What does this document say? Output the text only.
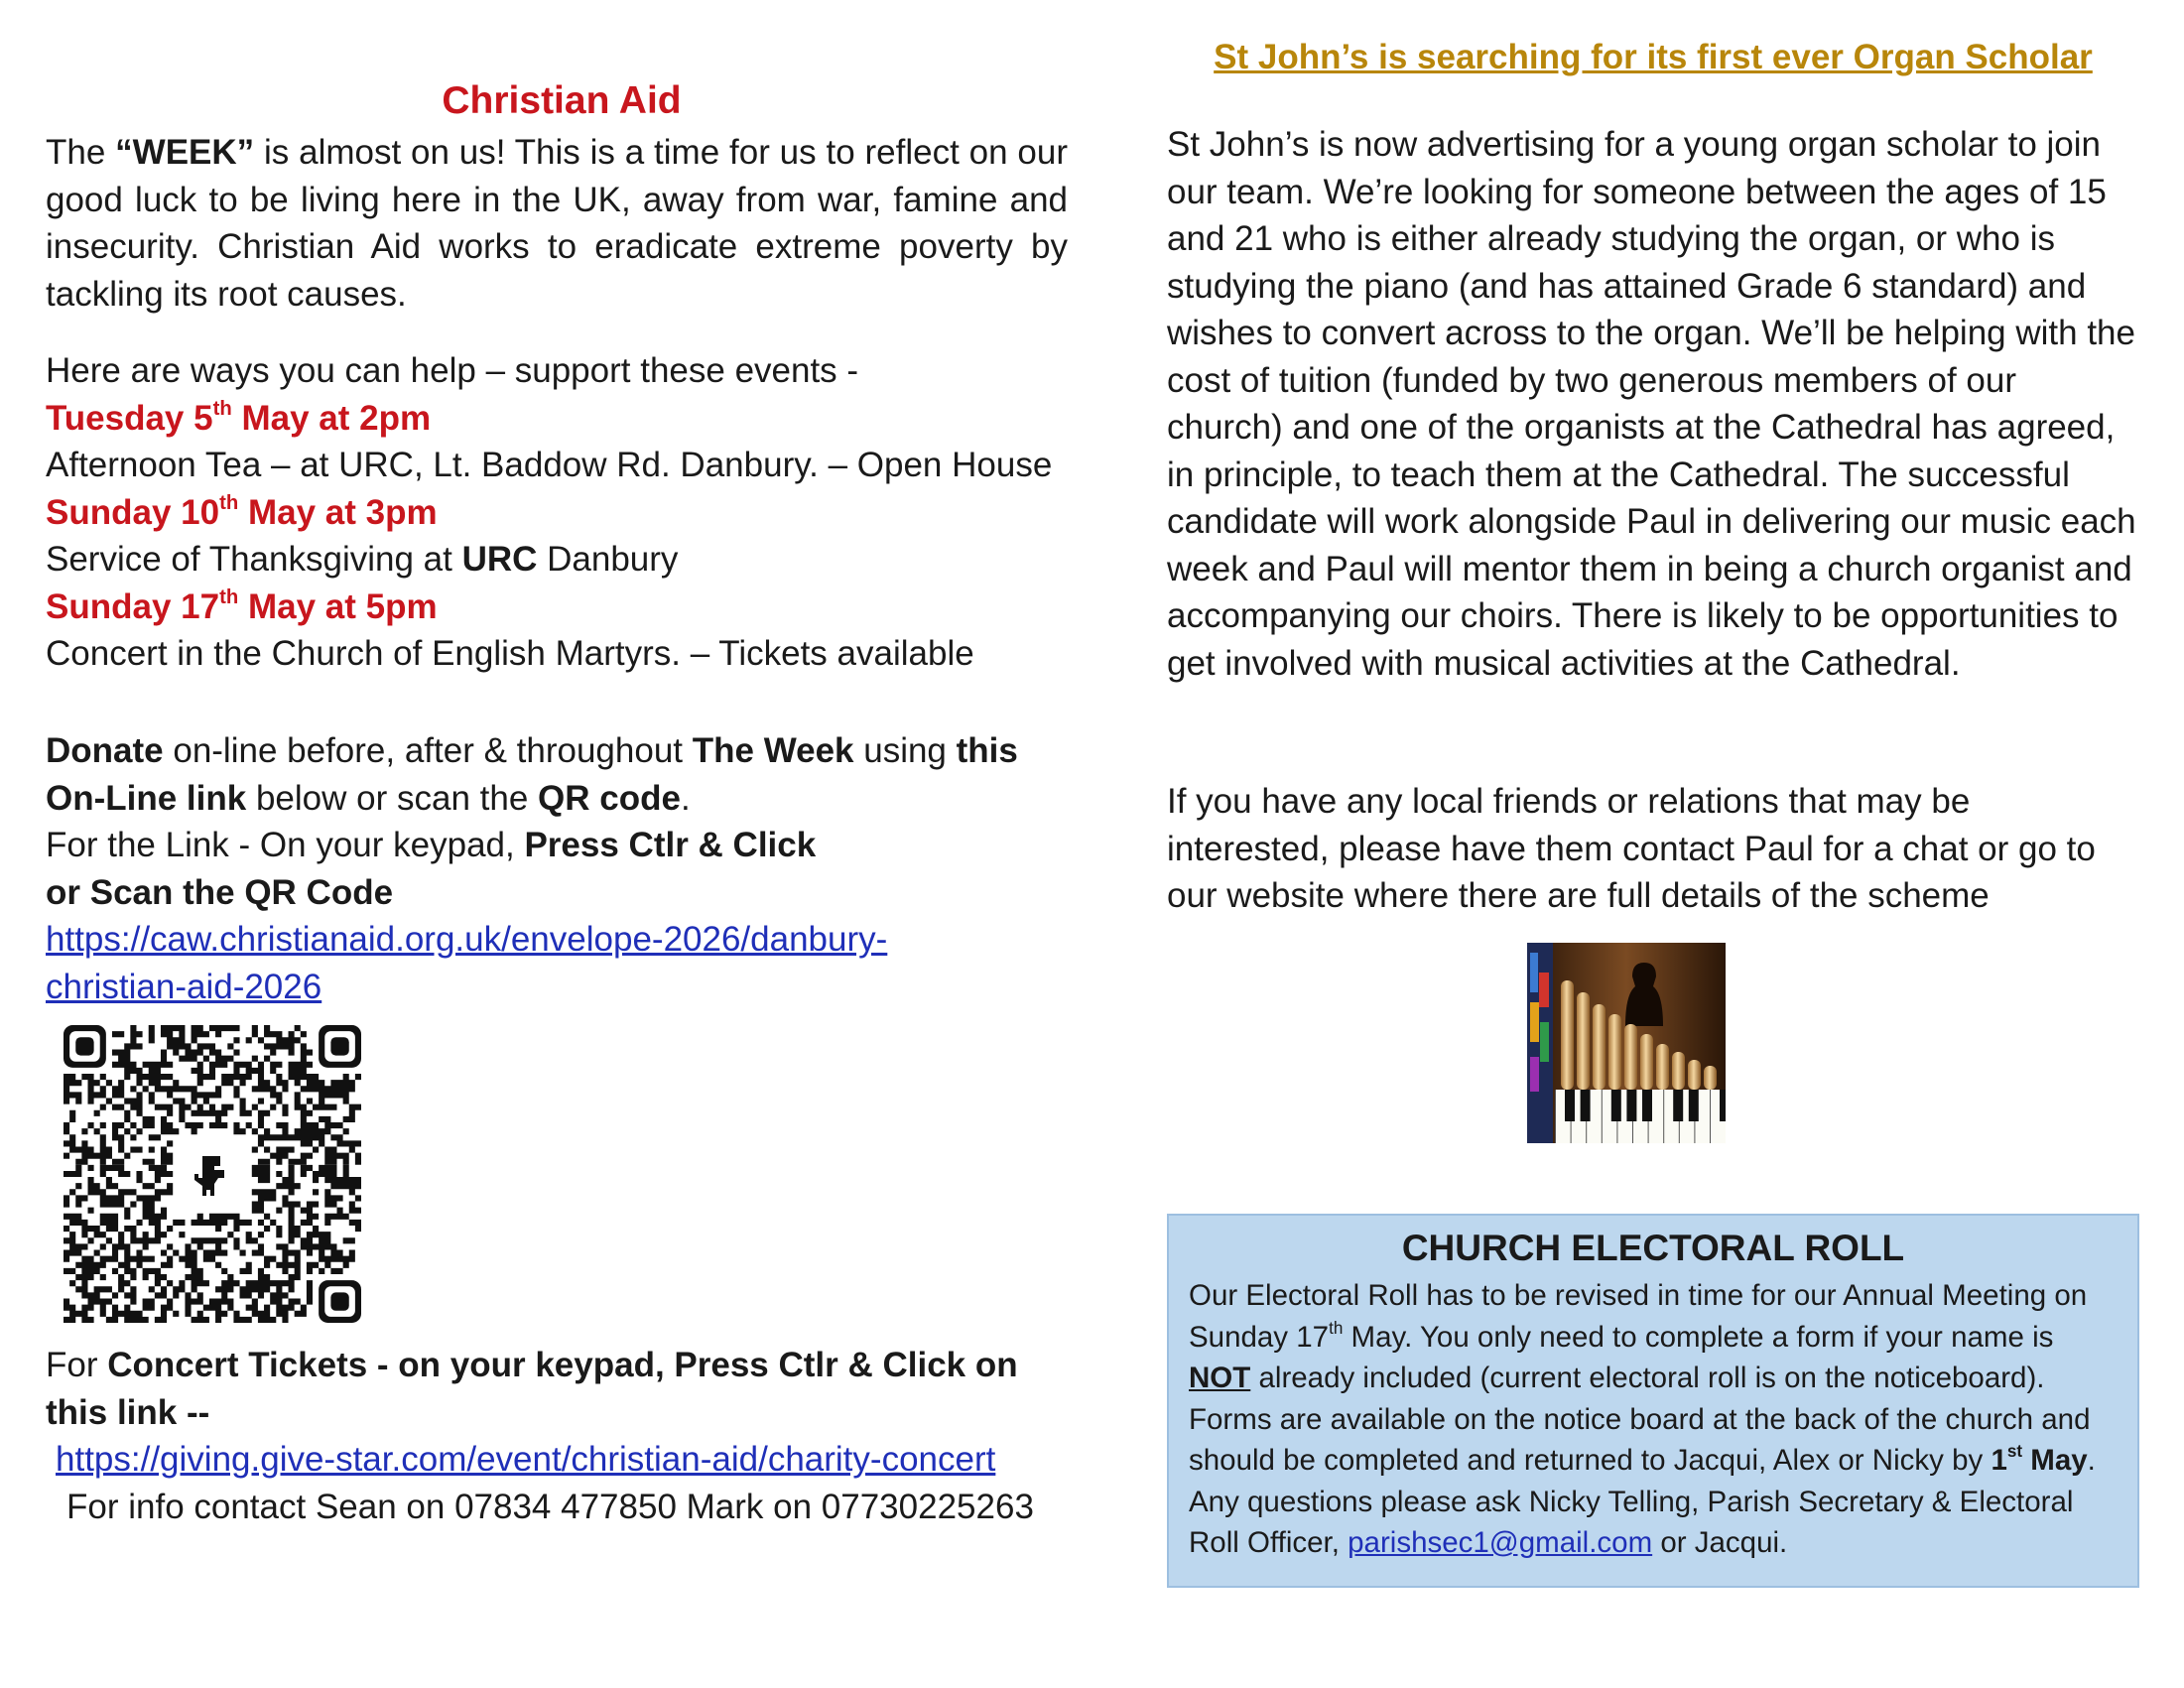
Christian Aid

The “WEEK” is almost on us! This is a time for us to reflect on our good luck to be living here in the UK, away from war, famine and insecurity. Christian Aid works to eradicate extreme poverty by tackling its root causes.

Here are ways you can help – support these events -

Tuesday 5th May at 2pm

Afternoon Tea – at URC, Lt. Baddow Rd. Danbury. – Open House

Sunday 10th May at 3pm

Service of Thanksgiving at URC Danbury

Sunday 17th May at 5pm

Concert in the Church of English Martyrs. – Tickets available

Donate on-line before, after & throughout The Week using this On-Line link below or scan the QR code.

For the Link - On your keypad, Press Ctlr & Click

or Scan the QR Code

https://caw.christianaid.org.uk/envelope-2026/danbury-christian-aid-2026

For Concert Tickets - on your keypad, Press Ctlr & Click on this link --

https://giving.give-star.com/event/christian-aid/charity-concert

For info contact Sean on 07834 477850 Mark on 07730225263

St John’s is searching for its first ever Organ Scholar

St John’s is now advertising for a young organ scholar to join our team. We’re looking for someone between the ages of 15 and 21 who is either already studying the organ, or who is studying the piano (and has attained Grade 6 standard) and wishes to convert across to the organ. We’ll be helping with the cost of tuition (funded by two generous members of our church) and one of the organists at the Cathedral has agreed, in principle, to teach them at the Cathedral. The successful candidate will work alongside Paul in delivering our music each week and Paul will mentor them in being a church organist and accompanying our choirs. There is likely to be opportunities to get involved with musical activities at the Cathedral.

If you have any local friends or relations that may be interested, please have them contact Paul for a chat or go to our website where there are full details of the scheme

CHURCH ELECTORAL ROLL

Our Electoral Roll has to be revised in time for our Annual Meeting on Sunday 17th May. You only need to complete a form if your name is NOT already included (current electoral roll is on the noticeboard). Forms are available on the notice board at the back of the church and should be completed and returned to Jacqui, Alex or Nicky by 1st May. Any questions please ask Nicky Telling, Parish Secretary & Electoral Roll Officer, parishsec1@gmail.com or Jacqui.
